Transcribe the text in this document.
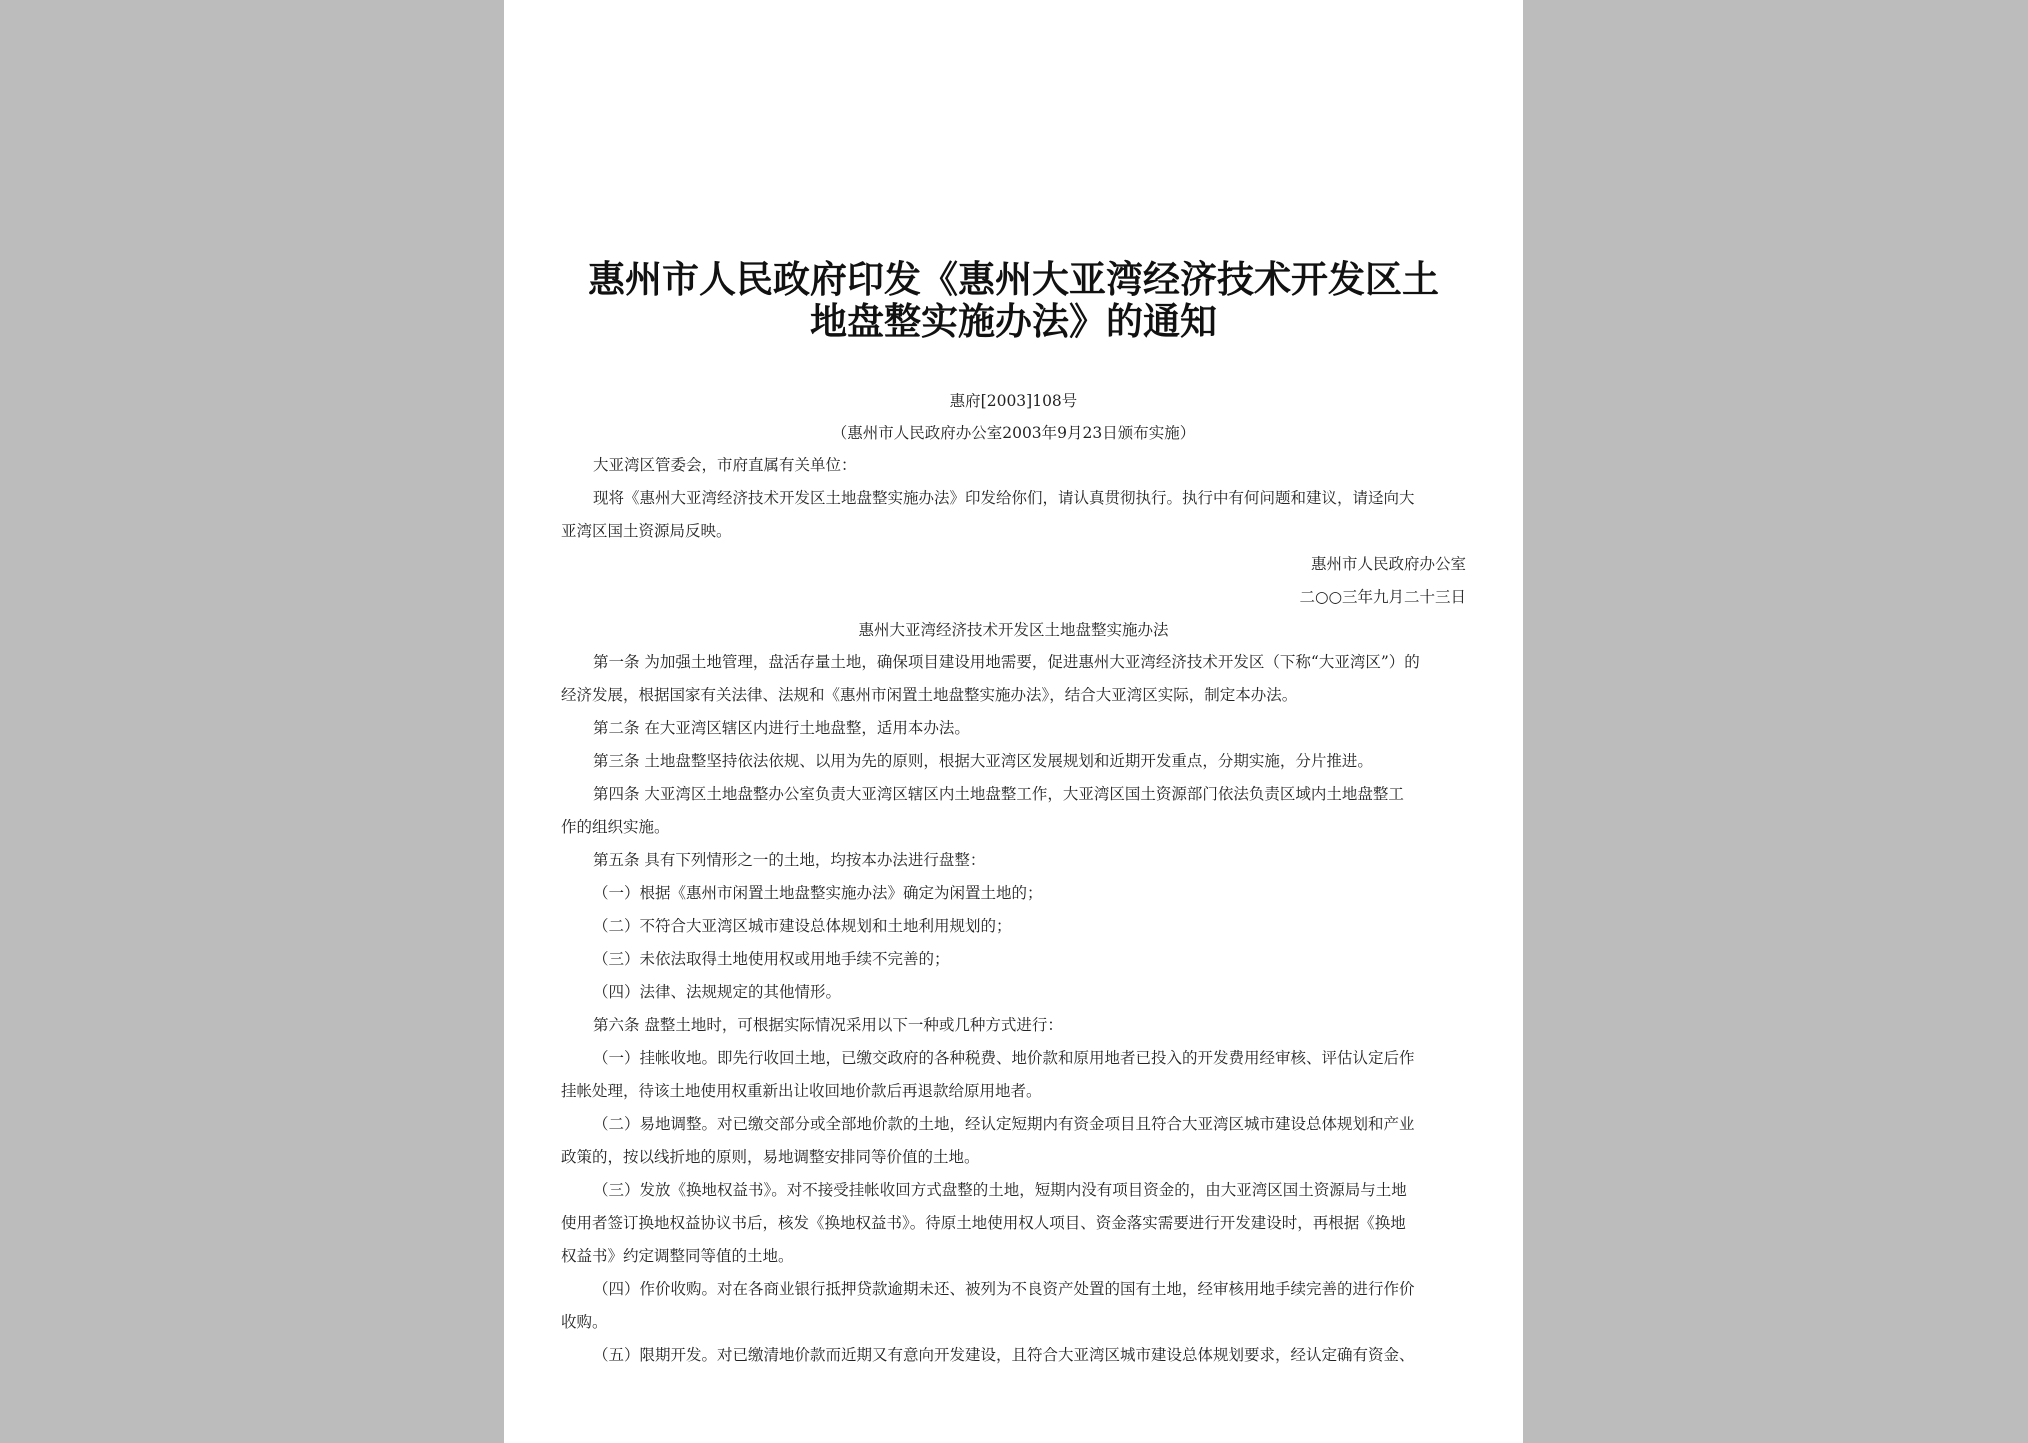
惠州市人民政府印发《惠州大亚湾经济技术开发区土
地盘整实施办法》的通知
惠府[2003]108号
（惠州市人民政府办公室2003年9月23日颁布实施）
大亚湾区管委会，市府直属有关单位：
现将《惠州大亚湾经济技术开发区土地盘整实施办法》印发给你们，请认真贯彻执行。执行中有何问题和建议，请迳向大
亚湾区国土资源局反映。
惠州市人民政府办公室
二○○三年九月二十三日
惠州大亚湾经济技术开发区土地盘整实施办法
第一条 为加强土地管理，盘活存量土地，确保项目建设用地需要，促进惠州大亚湾经济技术开发区（下称“大亚湾区”）的
经济发展，根据国家有关法律、法规和《惠州市闲置土地盘整实施办法》，结合大亚湾区实际，制定本办法。
第二条 在大亚湾区辖区内进行土地盘整，适用本办法。
第三条 土地盘整坚持依法依规、以用为先的原则，根据大亚湾区发展规划和近期开发重点，分期实施，分片推进。
第四条 大亚湾区土地盘整办公室负责大亚湾区辖区内土地盘整工作，大亚湾区国土资源部门依法负责区域内土地盘整工
作的组织实施。
第五条 具有下列情形之一的土地，均按本办法进行盘整：
（一）根据《惠州市闲置土地盘整实施办法》确定为闲置土地的；
（二）不符合大亚湾区城市建设总体规划和土地利用规划的；
（三）未依法取得土地使用权或用地手续不完善的；
（四）法律、法规规定的其他情形。
第六条 盘整土地时，可根据实际情况采用以下一种或几种方式进行：
（一）挂帐收地。即先行收回土地，已缴交政府的各种税费、地价款和原用地者已投入的开发费用经审核、评估认定后作
挂帐处理，待该土地使用权重新出让收回地价款后再退款给原用地者。
（二）易地调整。对已缴交部分或全部地价款的土地，经认定短期内有资金项目且符合大亚湾区城市建设总体规划和产业
政策的，按以线折地的原则，易地调整安排同等价值的土地。
（三）发放《换地权益书》。对不接受挂帐收回方式盘整的土地，短期内没有项目资金的，由大亚湾区国土资源局与土地
使用者签订换地权益协议书后，核发《换地权益书》。待原土地使用权人项目、资金落实需要进行开发建设时，再根据《换地
权益书》约定调整同等值的土地。
（四）作价收购。对在各商业银行抵押贷款逾期未还、被列为不良资产处置的国有土地，经审核用地手续完善的进行作价
收购。
（五）限期开发。对已缴清地价款而近期又有意向开发建设，且符合大亚湾区城市建设总体规划要求，经认定确有资金、
